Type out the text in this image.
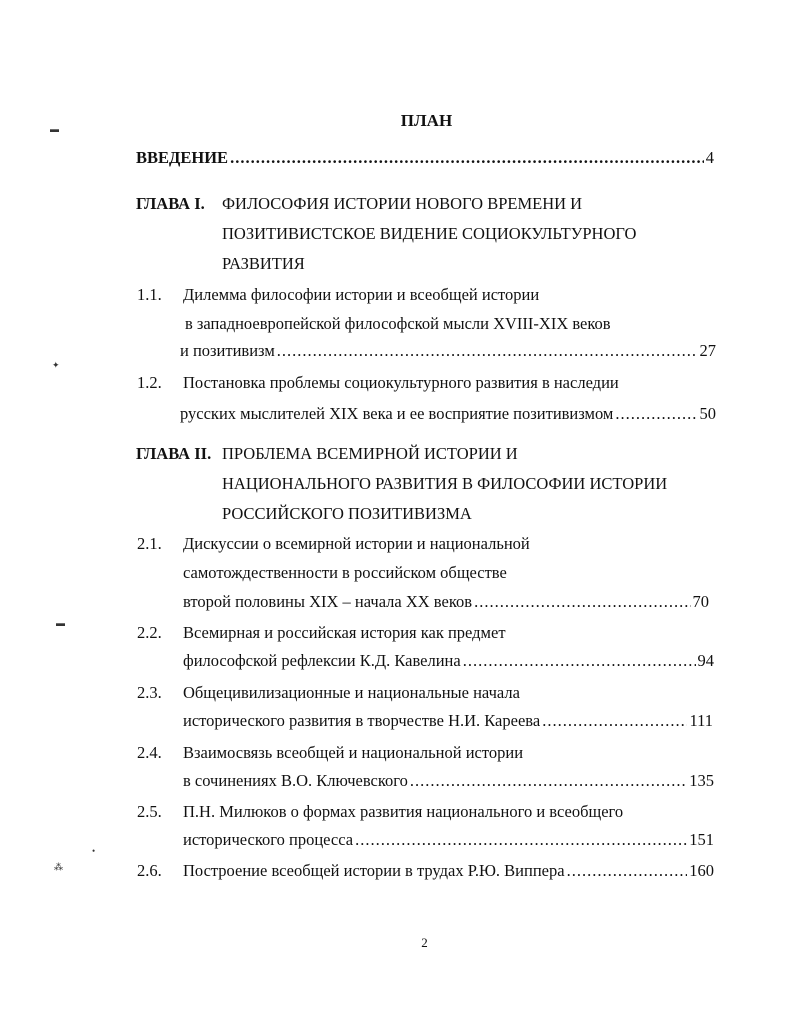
▬
✦
▬
•
⁂
ПЛАН
ВВЕДЕНИЕ .....	4
ГЛАВА I. ФИЛОСОФИЯ ИСТОРИИ НОВОГО ВРЕМЕНИ И
ПОЗИТИВИСТСКОЕ ВИДЕНИЕ СОЦИОКУЛЬТУРНОГО
РАЗВИТИЯ
1.1. Дилемма философии истории и всеобщей истории
в западноевропейской философской мысли XVIII-XIX веков
и позитивизм .....	27
1.2. Постановка проблемы социокультурного развития в наследии
русских мыслителей XIX века и ее восприятие позитивизмом .....	50
ГЛАВА II. ПРОБЛЕМА ВСЕМИРНОЙ ИСТОРИИ И
НАЦИОНАЛЬНОГО РАЗВИТИЯ В ФИЛОСОФИИ ИСТОРИИ
РОССИЙСКОГО ПОЗИТИВИЗМА
2.1. Дискуссии о всемирной истории и национальной
самотождественности в российском обществе
второй половины XIX – начала XX веков .....	70
2.2. Всемирная и российская история как предмет
философской рефлексии К.Д. Кавелина .....	94
2.3. Общецивилизационные и национальные начала
исторического развития в творчестве Н.И. Кареева .....	111
2.4. Взаимосвязь всеобщей и национальной истории
в сочинениях В.О. Ключевского .....	135
2.5. П.Н. Милюков о формах развития национального и всеобщего
исторического процесса .....	151
2.6. Построение всеобщей истории в трудах Р.Ю. Виппера .....	160
2
